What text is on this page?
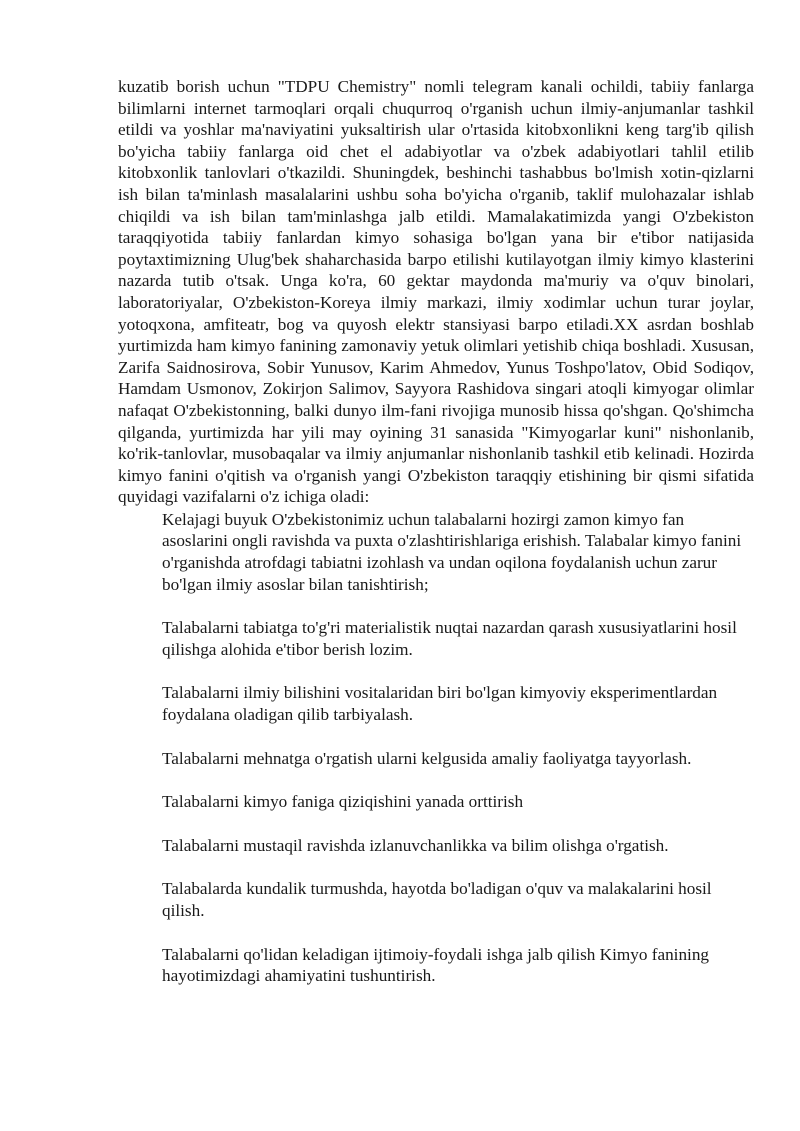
kuzatib borish uchun "TDPU Chemistry" nomli telegram kanali ochildi, tabiiy fanlarga bilimlarni internet tarmoqlari orqali chuqurroq o'rganish uchun ilmiy-anjumanlar tashkil etildi va yoshlar ma'naviyatini yuksaltirish ular o'rtasida kitobxonlikni keng targ'ib qilish bo'yicha tabiiy fanlarga oid chet el adabiyotlar va o'zbek adabiyotlari tahlil etilib kitobxonlik tanlovlari o'tkazildi. Shuningdek, beshinchi tashabbus bo'lmish xotin-qizlarni ish bilan ta'minlash masalalarini ushbu soha bo'yicha o'rganib, taklif mulohazalar ishlab chiqildi va ish bilan tam'minlashga jalb etildi. Mamalakatimizda yangi O'zbekiston taraqqiyotida tabiiy fanlardan kimyo sohasiga bo'lgan yana bir e'tibor natijasida poytaxtimizning Ulug'bek shaharchasida barpo etilishi kutilayotgan ilmiy kimyo klasterini nazarda tutib o'tsak. Unga ko'ra, 60 gektar maydonda ma'muriy va o'quv binolari, laboratoriyalar, O'zbekiston-Koreya ilmiy markazi, ilmiy xodimlar uchun turar joylar, yotoqxona, amfiteatr, bog va quyosh elektr stansiyasi barpo etiladi.XX asrdan boshlab yurtimizda ham kimyo fanining zamonaviy yetuk olimlari yetishib chiqa boshladi. Xususan, Zarifa Saidnosirova, Sobir Yunusov, Karim Ahmedov, Yunus Toshpo'latov, Obid Sodiqov, Hamdam Usmonov, Zokirjon Salimov, Sayyora Rashidova singari atoqli kimyogar olimlar nafaqat O'zbekistonning, balki dunyo ilm-fani rivojiga munosib hissa qo'shgan. Qo'shimcha qilganda, yurtimizda har yili may oyining 31 sanasida "Kimyogarlar kuni" nishonlanib, ko'rik-tanlovlar, musobaqalar va ilmiy anjumanlar nishonlanib tashkil etib kelinadi. Hozirda kimyo fanini o'qitish va o'rganish yangi O'zbekiston taraqqiy etishining bir qismi sifatida quyidagi vazifalarni o'z ichiga oladi:

Kelajagi buyuk O'zbekistonimiz uchun talabalarni hozirgi zamon kimyo fan asoslarini ongli ravishda va puxta o'zlashtirishlariga erishish. Talabalar kimyo fanini o'rganishda atrofdagi tabiatni izohlash va undan oqilona foydalanish uchun zarur bo'lgan ilmiy asoslar bilan tanishtirish;
Talabalarni tabiatga to'g'ri materialistik nuqtai nazardan qarash xususiyatlarini hosil qilishga alohida e'tibor berish lozim.
Talabalarni ilmiy bilishini vositalaridan biri bo'lgan kimyoviy eksperimentlardan foydalana oladigan qilib tarbiyalash.
Talabalarni mehnatga o'rgatish ularni kelgusida amaliy faoliyatga tayyorlash.
Talabalarni kimyo faniga qiziqishini yanada orttirish
Talabalarni mustaqil ravishda izlanuvchanlikka va bilim olishga o'rgatish.
Talabalarda kundalik turmushda, hayotda bo'ladigan o'quv va malakalarini hosil qilish.
Talabalarni qo'lidan keladigan ijtimoiy-foydali ishga jalb qilish Kimyo fanining hayotimizdagi ahamiyatini tushuntirish.
